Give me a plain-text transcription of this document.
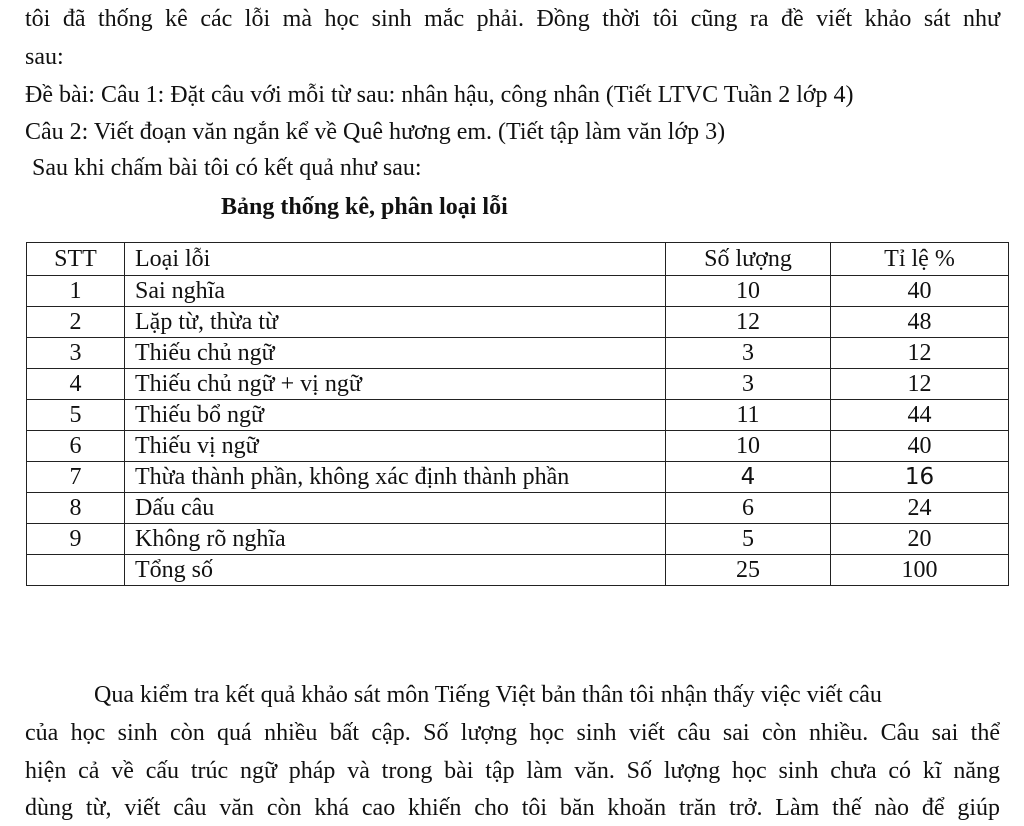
tôi đã thống kê các lỗi mà học sinh mắc phải. Đồng thời tôi cũng ra đề viết khảo sát như
sau:
Đề bài: Câu 1: Đặt câu với mỗi từ sau: nhân hậu, công nhân (Tiết LTVC Tuần 2 lớp 4)
Câu 2: Viết đoạn văn ngắn kể về Quê hương em. (Tiết tập làm văn lớp 3)
Sau khi chấm bài tôi có kết quả như sau:
Bảng thống kê, phân loại lỗi
STT	Loại lỗi	Số lượng	Tỉ lệ %
1	Sai nghĩa	10	40
2	Lặp từ, thừa từ	12	48
3	Thiếu chủ ngữ	3	12
4	Thiếu chủ ngữ + vị ngữ	3	12
5	Thiếu bổ ngữ	11	44
6	Thiếu vị ngữ	10	40
7	Thừa thành phần, không xác định thành phần	4	16
8	Dấu câu	6	24
9	Không rõ nghĩa	5	20
	Tổng số	25	100
Qua kiểm tra kết quả khảo sát môn Tiếng Việt bản thân tôi nhận thấy việc viết câu
của học sinh còn quá nhiều bất cập. Số lượng học sinh viết câu sai còn nhiều. Câu sai thể
hiện cả về cấu trúc ngữ pháp và trong bài tập làm văn. Số lượng học sinh chưa có kĩ năng
dùng từ, viết câu văn còn khá cao khiến cho tôi băn khoăn trăn trở. Làm thế nào để giúp
